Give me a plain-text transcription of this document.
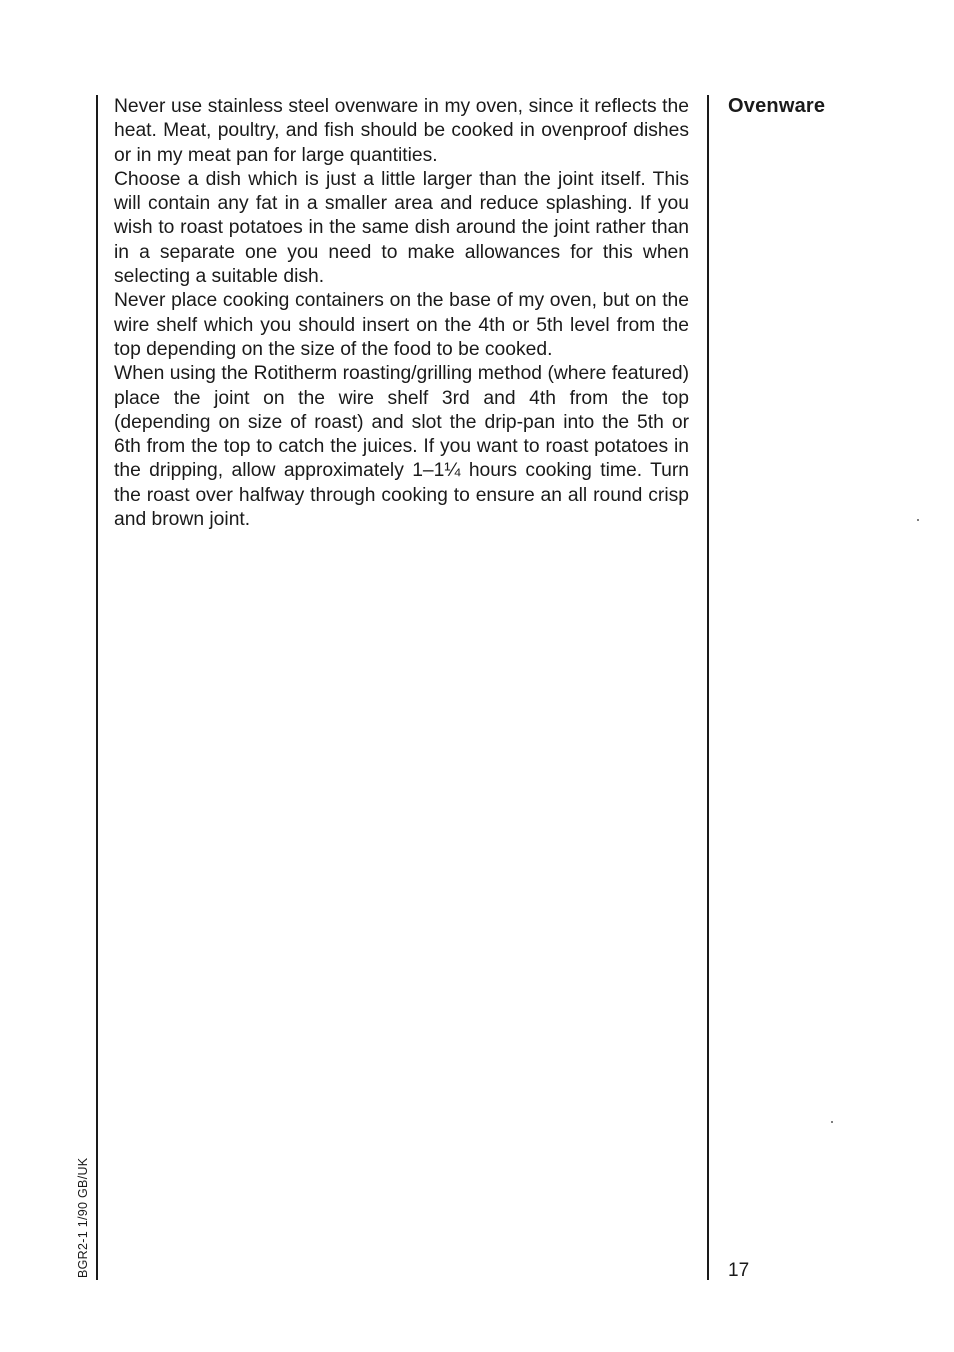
Never use stainless steel ovenware in my oven, since it reflects the heat. Meat, poultry, and fish should be cooked in ovenproof dishes or in my meat pan for large quantities.

Choose a dish which is just a little larger than the joint itself. This will contain any fat in a smaller area and reduce splashing. If you wish to roast potatoes in the same dish around the joint rather than in a separate one you need to make allowances for this when selecting a suitable dish.

Never place cooking containers on the base of my oven, but on the wire shelf which you should insert on the 4th or 5th level from the top depending on the size of the food to be cooked.

When using the Rotitherm roasting/grilling method (where featured) place the joint on the wire shelf 3rd and 4th from the top (depending on size of roast) and slot the drip-pan into the 5th or 6th from the top to catch the juices. If you want to roast potatoes in the dripping, allow approximately 1–1¼ hours cooking time. Turn the roast over halfway through cooking to ensure an all round crisp and brown joint.

Ovenware
17
BGR2-1 1/90 GB/UK
